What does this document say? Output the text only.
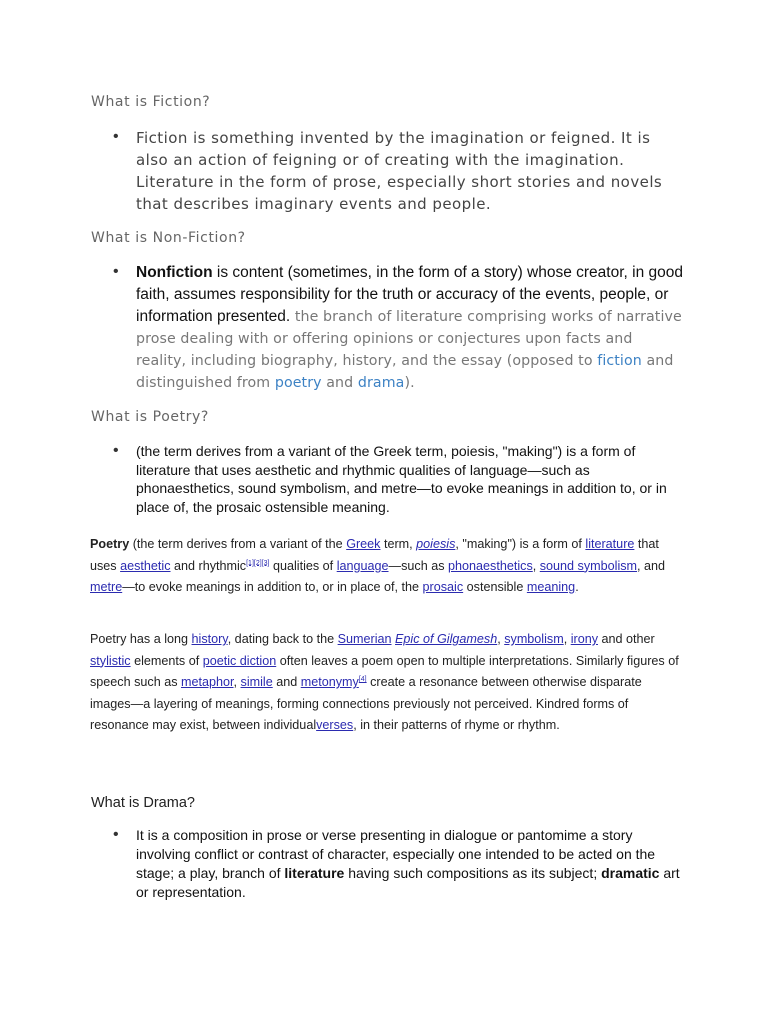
What is Fiction?
• Fiction is something invented by the imagination or feigned. It is also an action of feigning or of creating with the imagination. Literature in the form of prose, especially short stories and novels that describes imaginary events and people.
What is Non-Fiction?
• Nonfiction is content (sometimes, in the form of a story) whose creator, in good faith, assumes responsibility for the truth or accuracy of the events, people, or information presented. the branch of literature comprising works of narrative prose dealing with or offering opinions or conjectures upon facts and reality, including biography, history, and the essay (opposed to fiction and distinguished from poetry and drama).
What is Poetry?
• (the term derives from a variant of the Greek term, poiesis, "making") is a form of literature that uses aesthetic and rhythmic qualities of language—such as phonaesthetics, sound symbolism, and metre—to evoke meanings in addition to, or in place of, the prosaic ostensible meaning.

Poetry (the term derives from a variant of the Greek term, poiesis, "making") is a form of literature that uses aesthetic and rhythmic[1][2][3] qualities of language—such as phonaesthetics, sound symbolism, and metre—to evoke meanings in addition to, or in place of, the prosaic ostensible meaning.

Poetry has a long history, dating back to the Sumerian Epic of Gilgamesh, symbolism, irony and other stylistic elements of poetic diction often leaves a poem open to multiple interpretations. Similarly figures of speech such as metaphor, simile and metonymy[4] create a resonance between otherwise disparate images—a layering of meanings, forming connections previously not perceived. Kindred forms of resonance may exist, between individualverses, in their patterns of rhyme or rhythm.

What is Drama?
• It is a composition in prose or verse presenting in dialogue or pantomime a story involving conflict or contrast of character, especially one intended to be acted on the stage; a play, branch of literature having such compositions as its subject; dramatic art or representation.
